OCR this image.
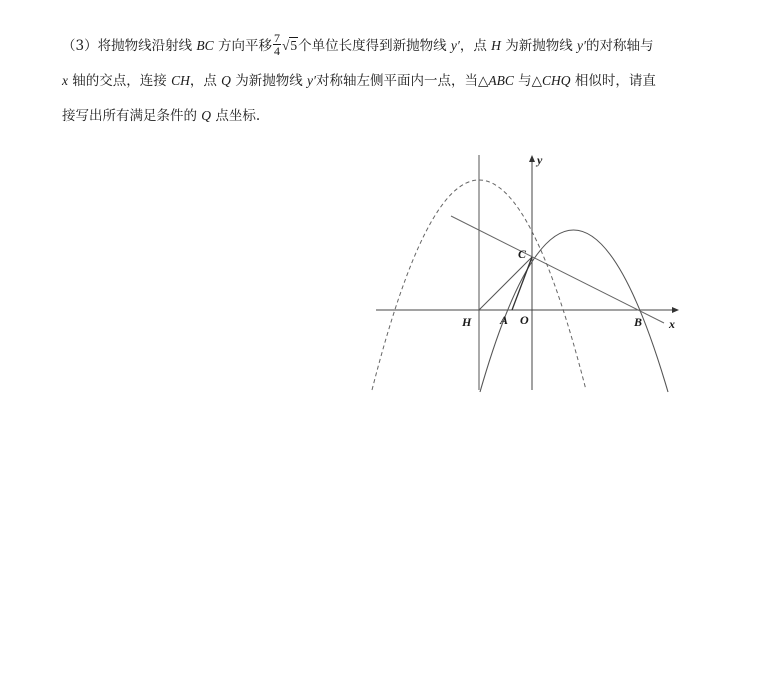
（3）将抛物线沿射线 BC 方向平移 $\frac{7}{4} √5$个单位长度得到新抛物线 y′，点 H 为新抛物线 y′的对称轴与
x 轴的交点，连接 CH，点 Q 为新抛物线 y′对称轴左侧平面内一点，当△ABC 与△CHQ 相似时，请直
接写出所有满足条件的 Q 点坐标.
y
x
C
H A O	B
